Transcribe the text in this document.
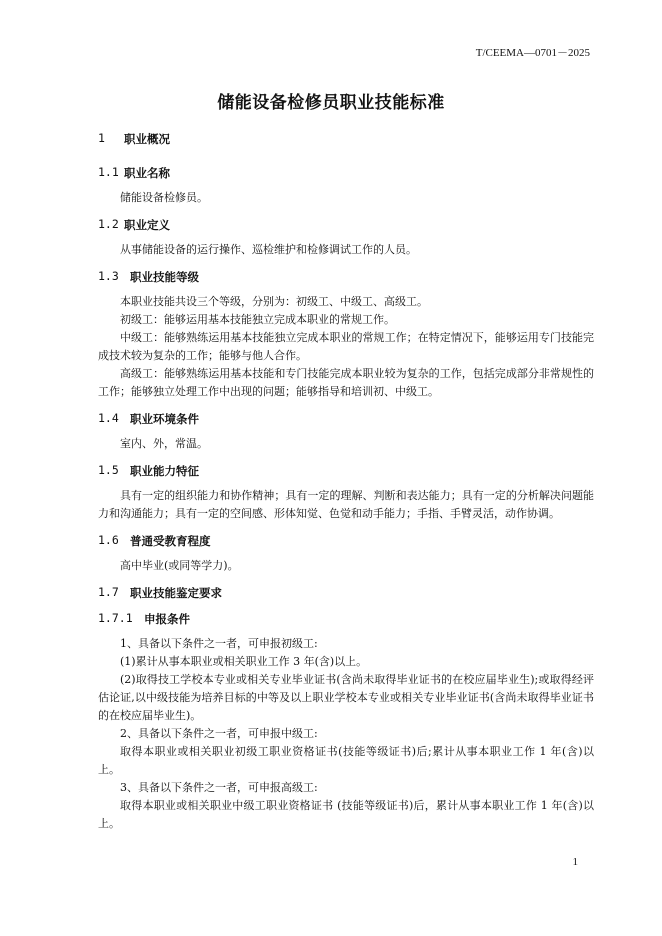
T/CEEMA—0701－2025
储能设备检修员职业技能标准
1	职业概况
1.1 职业名称

储能设备检修员。

1.2 职业定义

从事储能设备的运行操作、巡检维护和检修调试工作的人员。

1.3 职业技能等级

本职业技能共设三个等级，分别为：初级工、中级工、高级工。

初级工：能够运用基本技能独立完成本职业的常规工作。

中级工：能够熟练运用基本技能独立完成本职业的常规工作；在特定情况下，能够运用专门技能完成技术较为复杂的工作；能够与他人合作。

高级工：能够熟练运用基本技能和专门技能完成本职业较为复杂的工作，包括完成部分非常规性的工作；能够独立处理工作中出现的问题；能够指导和培训初、中级工。

1.4 职业环境条件

室内、外，常温。

1.5 职业能力特征

具有一定的组织能力和协作精神；具有一定的理解、判断和表达能力；具有一定的分析解决问题能力和沟通能力；具有一定的空间感、形体知觉、色觉和动手能力；手指、手臂灵活，动作协调。

1.6 普通受教育程度

高中毕业(或同等学力)。

1.7 职业技能鉴定要求
1.7.1 申报条件

1、具备以下条件之一者，可申报初级工:

(1)累计从事本职业或相关职业工作 3 年(含)以上。

(2)取得技工学校本专业或相关专业毕业证书(含尚未取得毕业证书的在校应届毕业生);或取得经评估论证,以中级技能为培养目标的中等及以上职业学校本专业或相关专业毕业证书(含尚未取得毕业证书的在校应届毕业生)。

2、具备以下条件之一者，可申报中级工:

取得本职业或相关职业初级工职业资格证书(技能等级证书)后;累计从事本职业工作 1 年(含)以上。

3、具备以下条件之一者，可申报高级工:

取得本职业或相关职业中级工职业资格证书 (技能等级证书)后，累计从事本职业工作 1 年(含)以上。

1
